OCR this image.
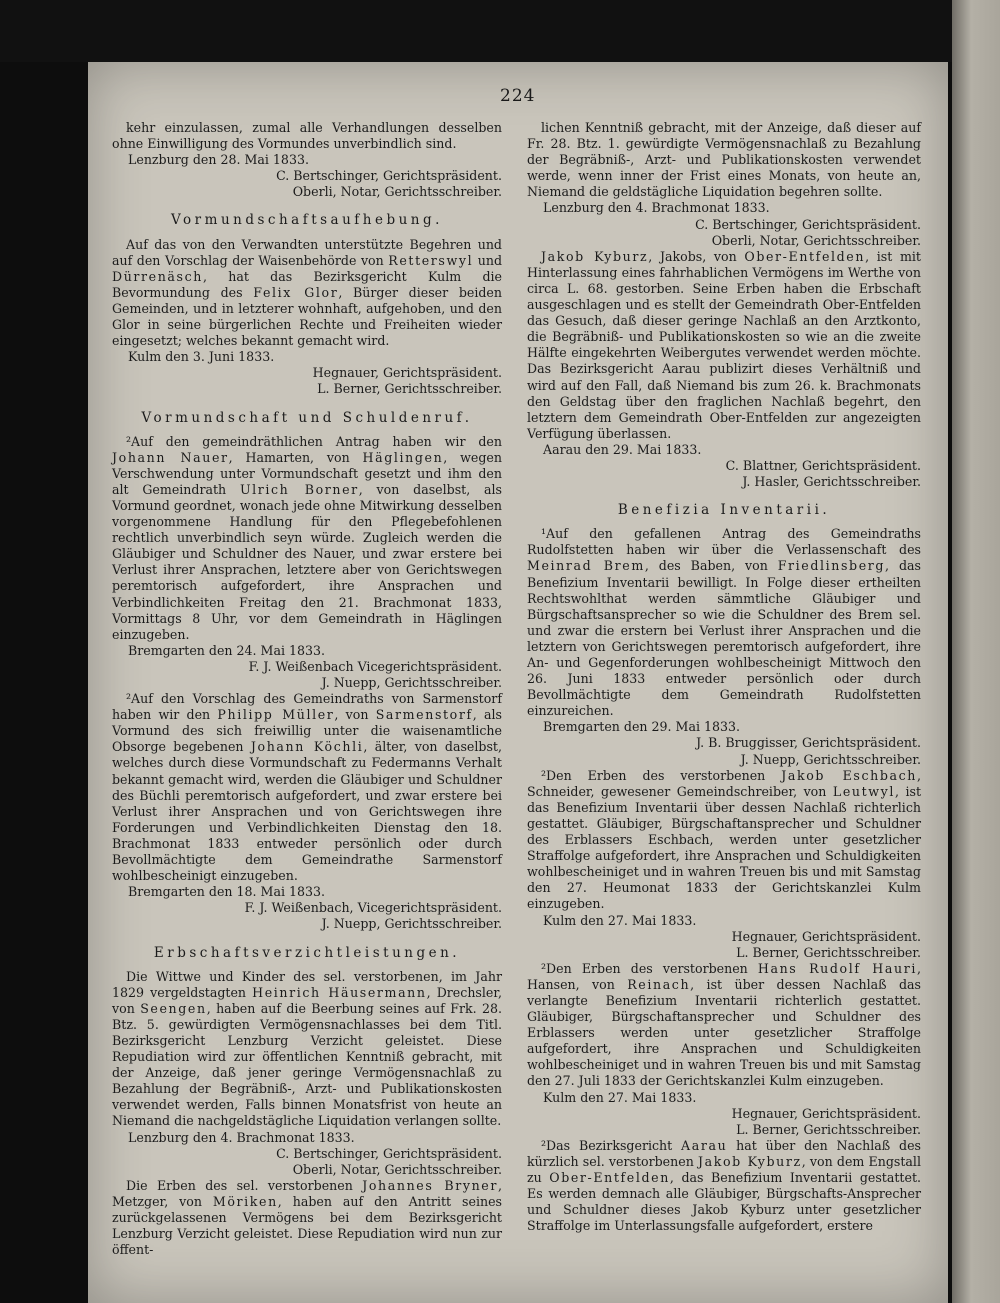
224

kehr einzulassen, zumal alle Verhandlungen desselben ohne Einwilligung des Vormundes unverbindlich sind.

Lenzburg den 28. Mai 1833.

C. Bertschinger, Gerichtspräsident.

Oberli, Notar, Gerichtsschreiber.

Vormundschaftsaufhebung.

Auf das von den Verwandten unterstützte Begehren und auf den Vorschlag der Waisenbehörde von Retterswyl und Dürrenäsch, hat das Bezirksgericht Kulm die Bevormundung des Felix Glor, Bürger dieser beiden Gemeinden, und in letzterer wohnhaft, aufgehoben, und den Glor in seine bürgerlichen Rechte und Freiheiten wieder eingesetzt; welches bekannt gemacht wird.

Kulm den 3. Juni 1833.

Hegnauer, Gerichtspräsident.

L. Berner, Gerichtsschreiber.

Vormundschaft und Schuldenruf.

²Auf den gemeindräthlichen Antrag haben wir den Johann Nauer, Hamarten, von Häglingen, wegen Verschwendung unter Vormundschaft gesetzt und ihm den alt Gemeindrath Ulrich Borner, von daselbst, als Vormund geordnet, wonach jede ohne Mitwirkung desselben vorgenommene Handlung für den Pflegebefohlenen rechtlich unverbindlich seyn würde. Zugleich werden die Gläubiger und Schuldner des Nauer, und zwar erstere bei Verlust ihrer Ansprachen, letztere aber von Gerichtswegen peremtorisch aufgefordert, ihre Ansprachen und Verbindlichkeiten Freitag den 21. Brachmonat 1833, Vormittags 8 Uhr, vor dem Gemeindrath in Häglingen einzugeben.

Bremgarten den 24. Mai 1833.

F. J. Weißenbach Vicegerichtspräsident.

J. Nuepp, Gerichtsschreiber.

²Auf den Vorschlag des Gemeindraths von Sarmenstorf haben wir den Philipp Müller, von Sarmenstorf, als Vormund des sich freiwillig unter die waisenamtliche Obsorge begebenen Johann Köchli, älter, von daselbst, welches durch diese Vormundschaft zu Federmanns Verhalt bekannt gemacht wird, werden die Gläubiger und Schuldner des Büchli peremtorisch aufgefordert, und zwar erstere bei Verlust ihrer Ansprachen und von Gerichtswegen ihre Forderungen und Verbindlichkeiten Dienstag den 18. Brachmonat 1833 entweder persönlich oder durch Bevollmächtigte dem Gemeindrathe Sarmenstorf wohlbescheinigt einzugeben.

Bremgarten den 18. Mai 1833.

F. J. Weißenbach, Vicegerichtspräsident.

J. Nuepp, Gerichtsschreiber.

Erbschaftsverzichtleistungen.

Die Wittwe und Kinder des sel. verstorbenen, im Jahr 1829 vergeldstagten Heinrich Häusermann, Drechsler, von Seengen, haben auf die Beerbung seines auf Frk. 28. Btz. 5. gewürdigten Vermögensnachlasses bei dem Titl. Bezirksgericht Lenzburg Verzicht geleistet. Diese Repudiation wird zur öffentlichen Kenntniß gebracht, mit der Anzeige, daß jener geringe Vermögensnachlaß zu Bezahlung der Begräbniß-, Arzt- und Publikationskosten verwendet werden, Falls binnen Monatsfrist von heute an Niemand die nachgeldstägliche Liquidation verlangen sollte.

Lenzburg den 4. Brachmonat 1833.

C. Bertschinger, Gerichtspräsident.

Oberli, Notar, Gerichtsschreiber.

Die Erben des sel. verstorbenen Johannes Bryner, Metzger, von Möriken, haben auf den Antritt seines zurückgelassenen Vermögens bei dem Bezirksgericht Lenzburg Verzicht geleistet. Diese Repudiation wird nun zur öffent-

lichen Kenntniß gebracht, mit der Anzeige, daß dieser auf Fr. 28. Btz. 1. gewürdigte Vermögensnachlaß zu Bezahlung der Begräbniß-, Arzt- und Publikationskosten verwendet werde, wenn inner der Frist eines Monats, von heute an, Niemand die geldstägliche Liquidation begehren sollte.

Lenzburg den 4. Brachmonat 1833.

C. Bertschinger, Gerichtspräsident.

Oberli, Notar, Gerichtsschreiber.

Jakob Kyburz, Jakobs, von Ober-Entfelden, ist mit Hinterlassung eines fahrhablichen Vermögens im Werthe von circa L. 68. gestorben. Seine Erben haben die Erbschaft ausgeschlagen und es stellt der Gemeindrath Ober-Entfelden das Gesuch, daß dieser geringe Nachlaß an den Arztkonto, die Begräbniß- und Publikationskosten so wie an die zweite Hälfte eingekehrten Weibergutes verwendet werden möchte. Das Bezirksgericht Aarau publizirt dieses Verhältniß und wird auf den Fall, daß Niemand bis zum 26. k. Brachmonats den Geldstag über den fraglichen Nachlaß begehrt, den letztern dem Gemeindrath Ober-Entfelden zur angezeigten Verfügung überlassen.

Aarau den 29. Mai 1833.

C. Blattner, Gerichtspräsident.

J. Hasler, Gerichtsschreiber.

Benefizia Inventarii.

¹Auf den gefallenen Antrag des Gemeindraths Rudolfstetten haben wir über die Verlassenschaft des Meinrad Brem, des Baben, von Friedlinsberg, das Benefizium Inventarii bewilligt. In Folge dieser ertheilten Rechtswohlthat werden sämmtliche Gläubiger und Bürgschaftsansprecher so wie die Schuldner des Brem sel. und zwar die erstern bei Verlust ihrer Ansprachen und die letztern von Gerichtswegen peremtorisch aufgefordert, ihre An- und Gegenforderungen wohlbescheinigt Mittwoch den 26. Juni 1833 entweder persönlich oder durch Bevollmächtigte dem Gemeindrath Rudolfstetten einzureichen.

Bremgarten den 29. Mai 1833.

J. B. Bruggisser, Gerichtspräsident.

J. Nuepp, Gerichtsschreiber.

²Den Erben des verstorbenen Jakob Eschbach, Schneider, gewesener Gemeindschreiber, von Leutwyl, ist das Benefizium Inventarii über dessen Nachlaß richterlich gestattet. Gläubiger, Bürgschaftansprecher und Schuldner des Erblassers Eschbach, werden unter gesetzlicher Straffolge aufgefordert, ihre Ansprachen und Schuldigkeiten wohlbescheiniget und in wahren Treuen bis und mit Samstag den 27. Heumonat 1833 der Gerichtskanzlei Kulm einzugeben.

Kulm den 27. Mai 1833.

Hegnauer, Gerichtspräsident.

L. Berner, Gerichtsschreiber.

²Den Erben des verstorbenen Hans Rudolf Hauri, Hansen, von Reinach, ist über dessen Nachlaß das verlangte Benefizium Inventarii richterlich gestattet. Gläubiger, Bürgschaftansprecher und Schuldner des Erblassers werden unter gesetzlicher Straffolge aufgefordert, ihre Ansprachen und Schuldigkeiten wohlbescheiniget und in wahren Treuen bis und mit Samstag den 27. Juli 1833 der Gerichtskanzlei Kulm einzugeben.

Kulm den 27. Mai 1833.

Hegnauer, Gerichtspräsident.

L. Berner, Gerichtsschreiber.

²Das Bezirksgericht Aarau hat über den Nachlaß des kürzlich sel. verstorbenen Jakob Kyburz, von dem Engstall zu Ober-Entfelden, das Benefizium Inventarii gestattet. Es werden demnach alle Gläubiger, Bürgschafts-Ansprecher und Schuldner dieses Jakob Kyburz unter gesetzlicher Straffolge im Unterlassungsfalle aufgefordert, erstere
